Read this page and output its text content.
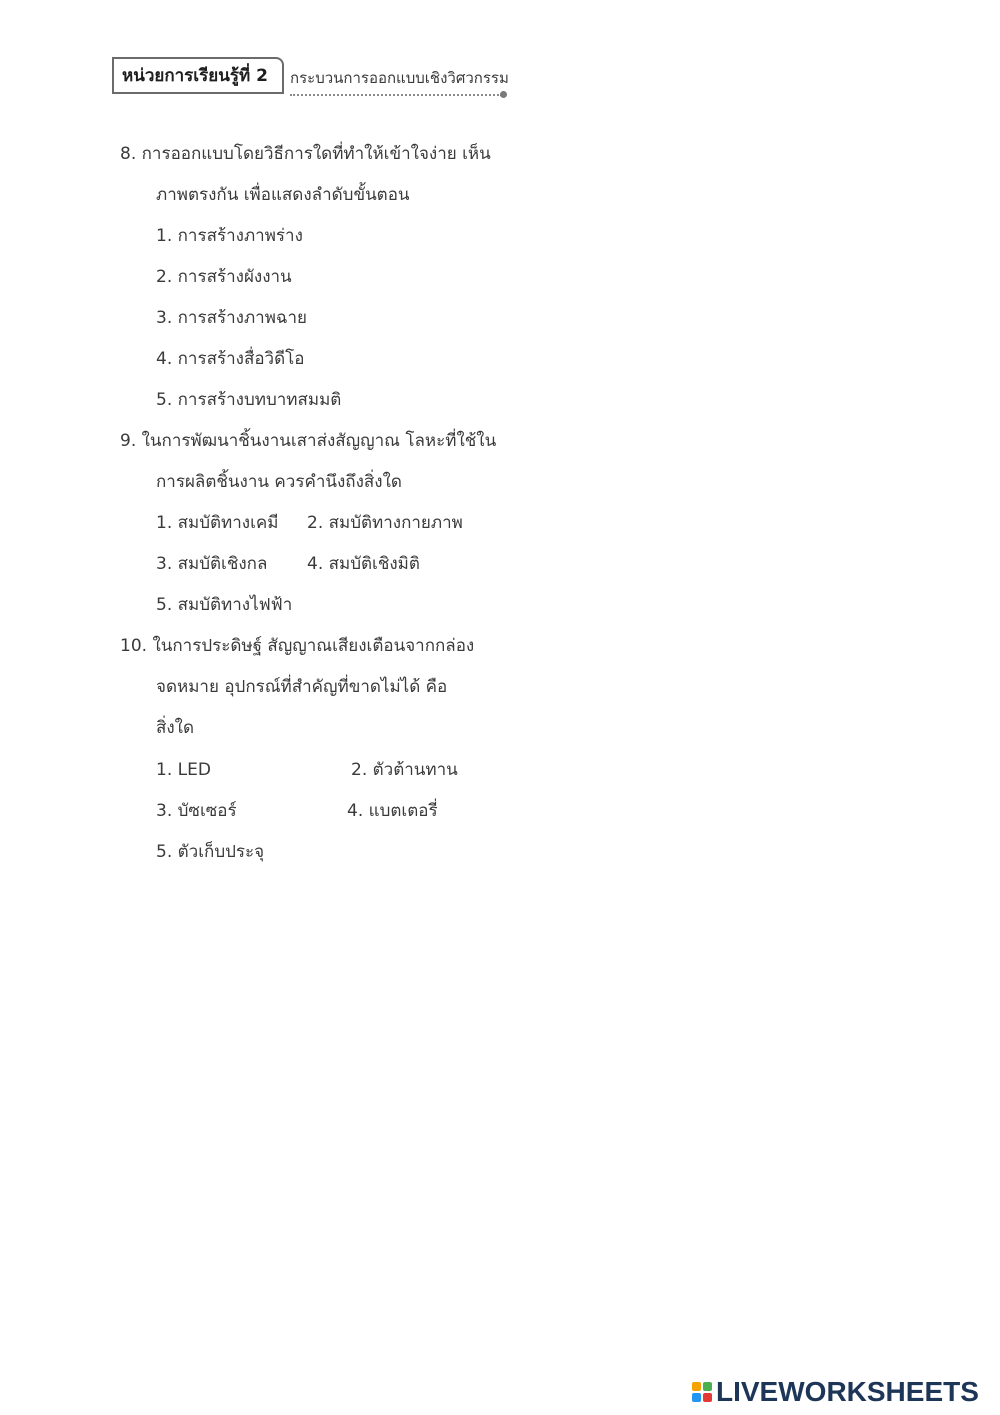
หน่วยการเรียนรู้ที่ 2	กระบวนการออกแบบเชิงวิศวกรรม
8. การออกแบบโดยวิธีการใดที่ทำให้เข้าใจง่าย เห็น
ภาพตรงกัน เพื่อแสดงลำดับขั้นตอน
1. การสร้างภาพร่าง
2. การสร้างผังงาน
3. การสร้างภาพฉาย
4. การสร้างสื่อวิดีโอ
5. การสร้างบทบาทสมมติ
9. ในการพัฒนาชิ้นงานเสาส่งสัญญาณ โลหะที่ใช้ใน
การผลิตชิ้นงาน ควรคำนึงถึงสิ่งใด
1. สมบัติทางเคมี 2. สมบัติทางกายภาพ
3. สมบัติเชิงกล 4. สมบัติเชิงมิติ
5. สมบัติทางไฟฟ้า
10. ในการประดิษฐ์ สัญญาณเสียงเตือนจากกล่อง
จดหมาย อุปกรณ์ที่สำคัญที่ขาดไม่ได้ คือ
สิ่งใด
1. LED	2. ตัวต้านทาน
3. บัซเซอร์	4. แบตเตอรี่
5. ตัวเก็บประจุ
LIVEWORKSHEETS
